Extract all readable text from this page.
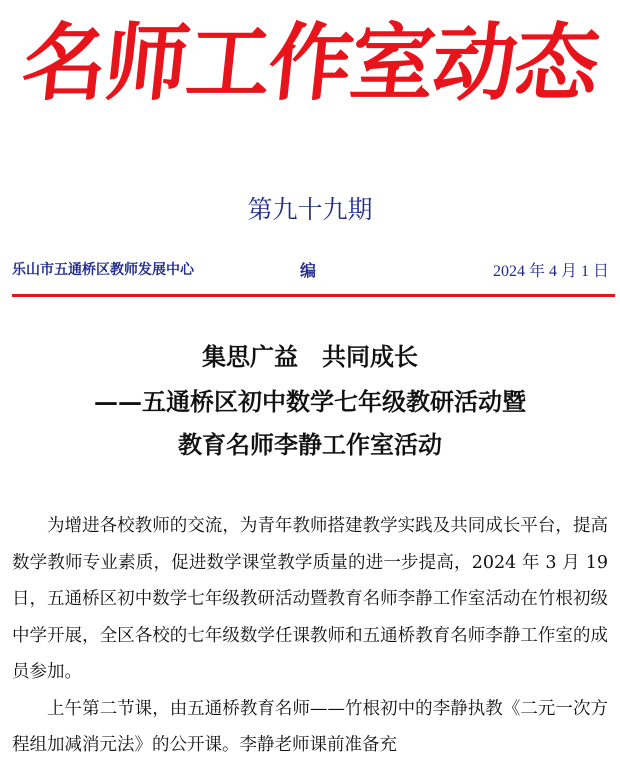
名师工作室动态
第九十九期
乐山市五通桥区教师发展中心	编	2024 年 4 月 1 日
集思广益　共同成长
——五通桥区初中数学七年级教研活动暨
教育名师李静工作室活动

为增进各校教师的交流，为青年教师搭建教学实践及共同成长平台，提高数学教师专业素质，促进数学课堂教学质量的进一步提高，2024 年 3 月 19 日，五通桥区初中数学七年级教研活动暨教育名师李静工作室活动在竹根初级中学开展，全区各校的七年级数学任课教师和五通桥教育名师李静工作室的成员参加。

上午第二节课，由五通桥教育名师——竹根初中的李静执教《二元一次方程组加减消元法》的公开课。李静老师课前准备充
